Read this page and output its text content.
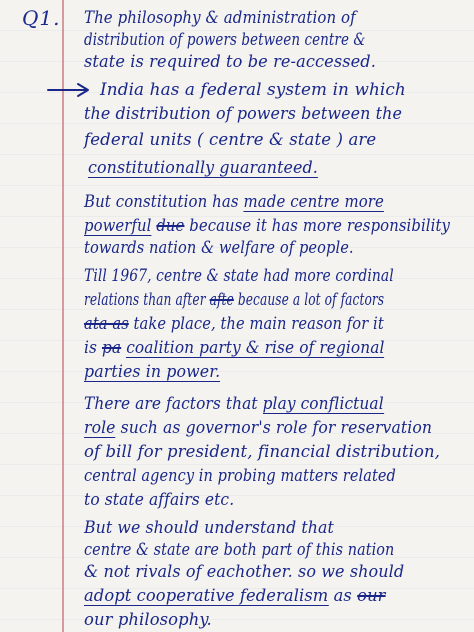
Q1. The philosophy & administration of
distribution of powers between centre &
state is required to be re-accessed.
India has a federal system in which
the distribution of powers between the
federal units ( centre & state ) are
constitutionally guaranteed.
But constitution has made centre more
powerful due because it has more responsibility
towards nation & welfare of people.
Till 1967, centre & state had more cordinal
relations than after afte because a lot of factors
ata as take place, the main reason for it
is pa coalition party & rise of regional
parties in power.
There are factors that play conflictual
role such as governor's role for reservation
of bill for president, financial distribution,
central agency in probing matters related
to state affairs etc.
But we should understand that
centre & state are both part of this nation
& not rivals of eachother. so we should
adopt cooperative federalism as our
our philosophy.
